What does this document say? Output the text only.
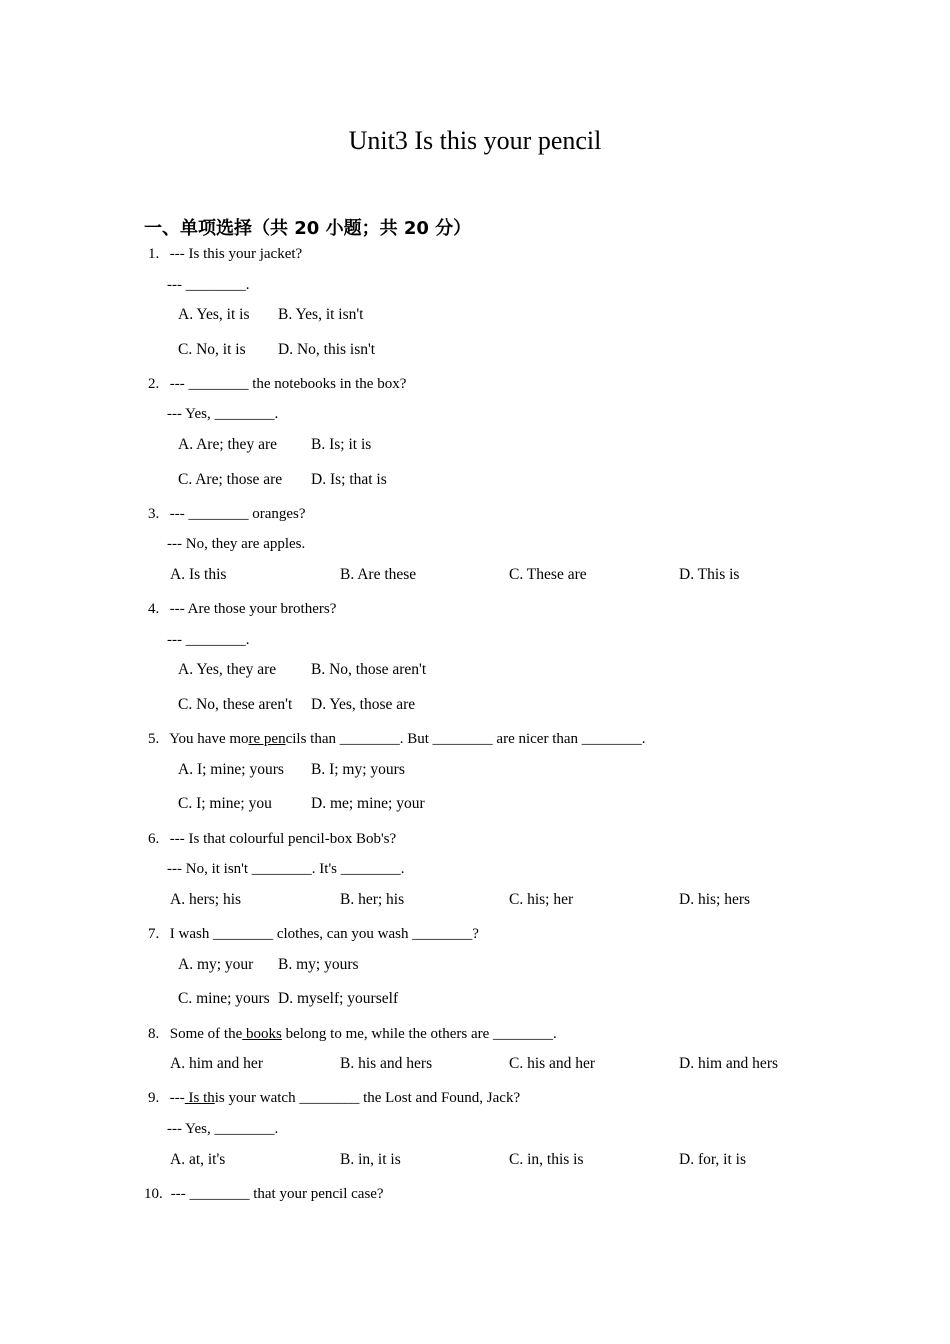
Unit3 Is this your pencil
一、单项选择（共 20 小题；共 20 分）
1. --- Is this your jacket?
--- ________.
A. Yes, it is B. Yes, it isn't
C. No, it is D. No, this isn't
2. --- ________ the notebooks in the box?
--- Yes, ________.
A. Are; they are B. Is; it is
C. Are; those are D. Is; that is
3. --- ________ oranges?
--- No, they are apples.
A. Is this	B. Are these	C. These are	D. This is
4. --- Are those your brothers?
--- ________.
A. Yes, they are B. No, those aren't
C. No, these aren't D. Yes, those are
5. You have more pencils than ________. But ________ are nicer than ________.
A. I; mine; yours B. I; my; yours
C. I; mine; you	D. me; mine; your
6. --- Is that colourful pencil-box Bob's?
--- No, it isn't ________. It's ________.
A. hers; his	B. her; his	C. his; her	D. his; hers
7. I wash ________ clothes, can you wash ________?
A. my; your B. my; yours
C. mine; yours D. myself; yourself
8. Some of the books belong to me, while the others are ________.
A. him and her	B. his and hers	C. his and her	D. him and hers
9. --- Is this your watch ________ the Lost and Found, Jack?
--- Yes, ________.
A. at, it's	B. in, it is	C. in, this is	D. for, it is
10. --- ________ that your pencil case?
